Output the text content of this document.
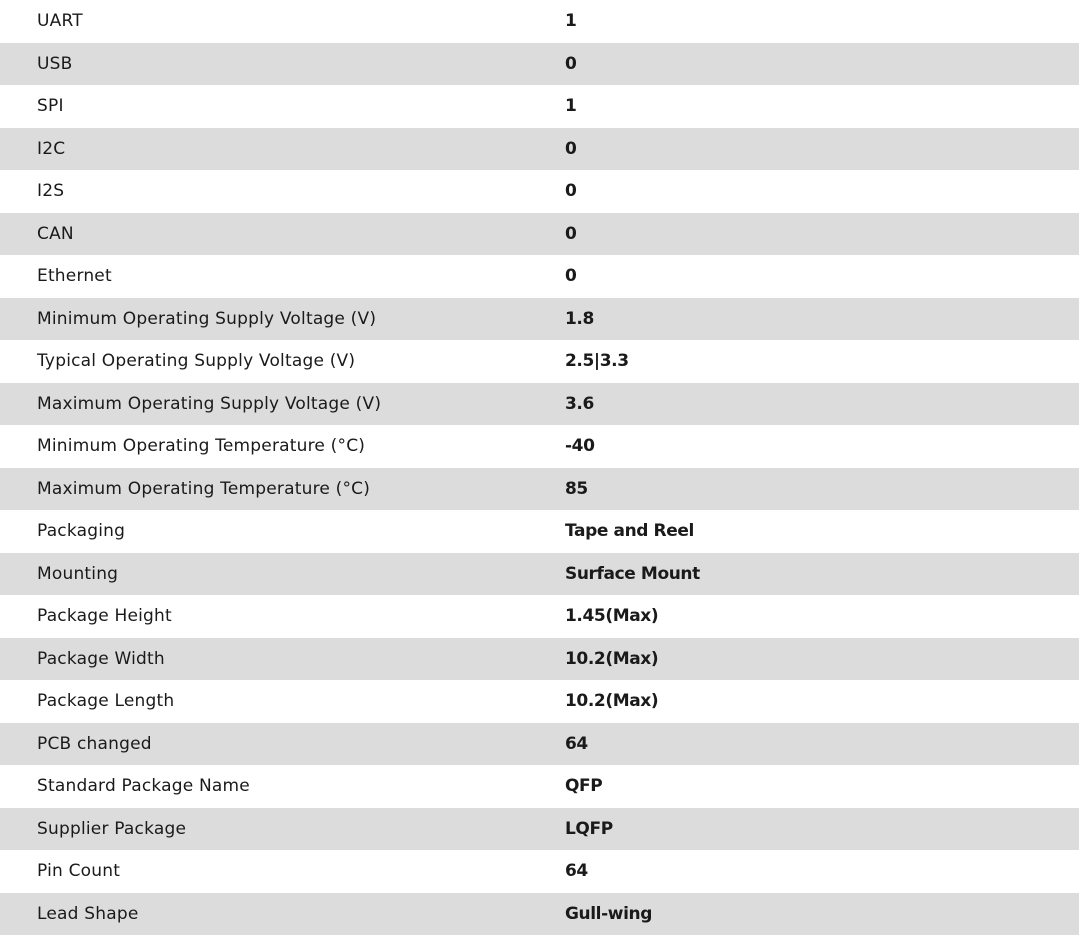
UART	1
USB	0
SPI	1
I2C	0
I2S	0
CAN	0
Ethernet	0
Minimum Operating Supply Voltage (V)	1.8
Typical Operating Supply Voltage (V)	2.5|3.3
Maximum Operating Supply Voltage (V)	3.6
Minimum Operating Temperature (°C)	-40
Maximum Operating Temperature (°C)	85
Packaging	Tape and Reel
Mounting	Surface Mount
Package Height	1.45(Max)
Package Width	10.2(Max)
Package Length	10.2(Max)
PCB changed	64
Standard Package Name	QFP
Supplier Package	LQFP
Pin Count	64
Lead Shape	Gull-wing
